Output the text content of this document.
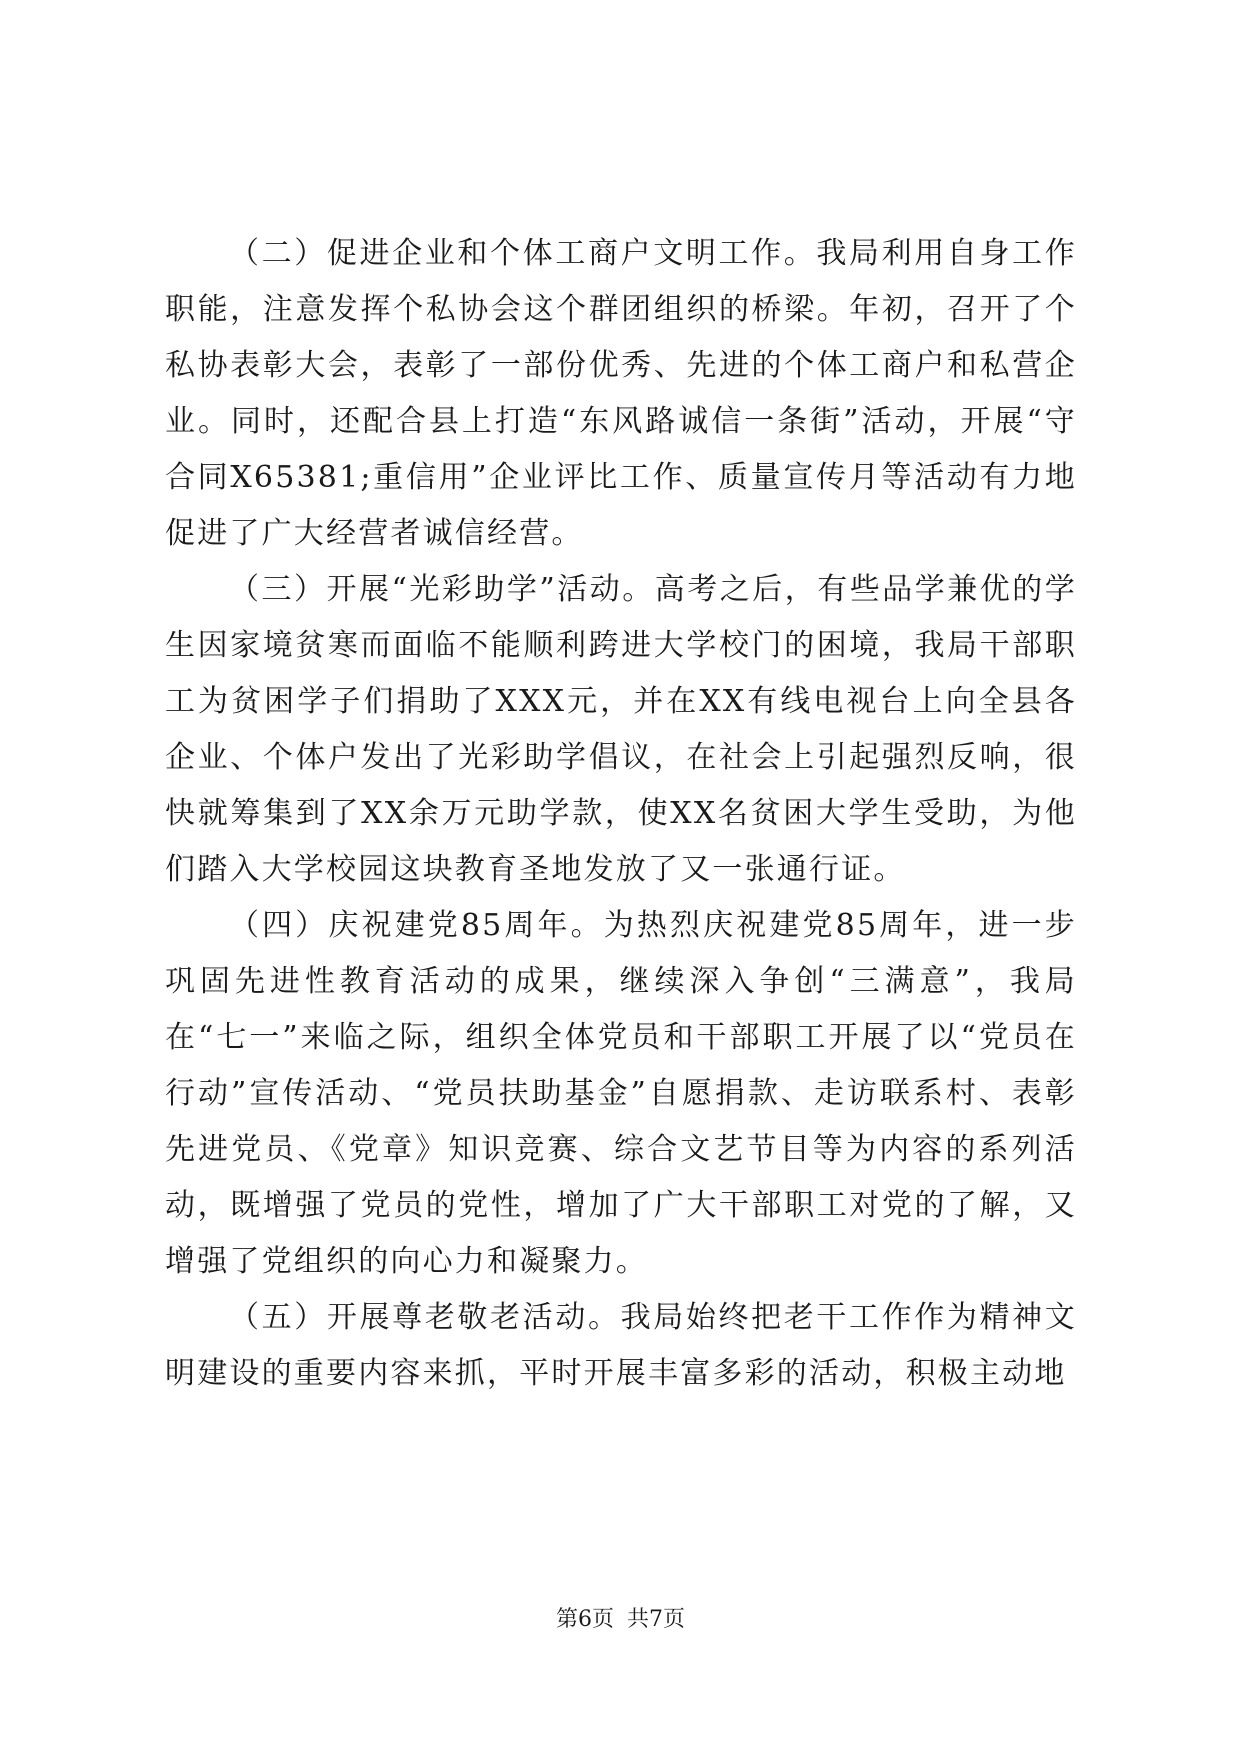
（二）促进企业和个体工商户文明工作。我局利用自身工作职能，注意发挥个私协会这个群团组织的桥梁。年初，召开了个私协表彰大会，表彰了一部份优秀、先进的个体工商户和私营企业。同时，还配合县上打造“东风路诚信一条街”活动，开展“守合同X65381;重信用”企业评比工作、质量宣传月等活动有力地促进了广大经营者诚信经营。

（三）开展“光彩助学”活动。高考之后，有些品学兼优的学生因家境贫寒而面临不能顺利跨进大学校门的困境，我局干部职工为贫困学子们捐助了XXX元，并在XX有线电视台上向全县各企业、个体户发出了光彩助学倡议，在社会上引起强烈反响，很快就筹集到了XX余万元助学款，使XX名贫困大学生受助，为他们踏入大学校园这块教育圣地发放了又一张通行证。

（四）庆祝建党85周年。为热烈庆祝建党85周年，进一步巩固先进性教育活动的成果，继续深入争创“三满意”，我局在“七一”来临之际，组织全体党员和干部职工开展了以“党员在行动”宣传活动、“党员扶助基金”自愿捐款、走访联系村、表彰先进党员、《党章》知识竞赛、综合文艺节目等为内容的系列活动，既增强了党员的党性，增加了广大干部职工对党的了解，又增强了党组织的向心力和凝聚力。

（五）开展尊老敬老活动。我局始终把老干工作作为精神文明建设的重要内容来抓，平时开展丰富多彩的活动，积极主动地

第6页 共7页
